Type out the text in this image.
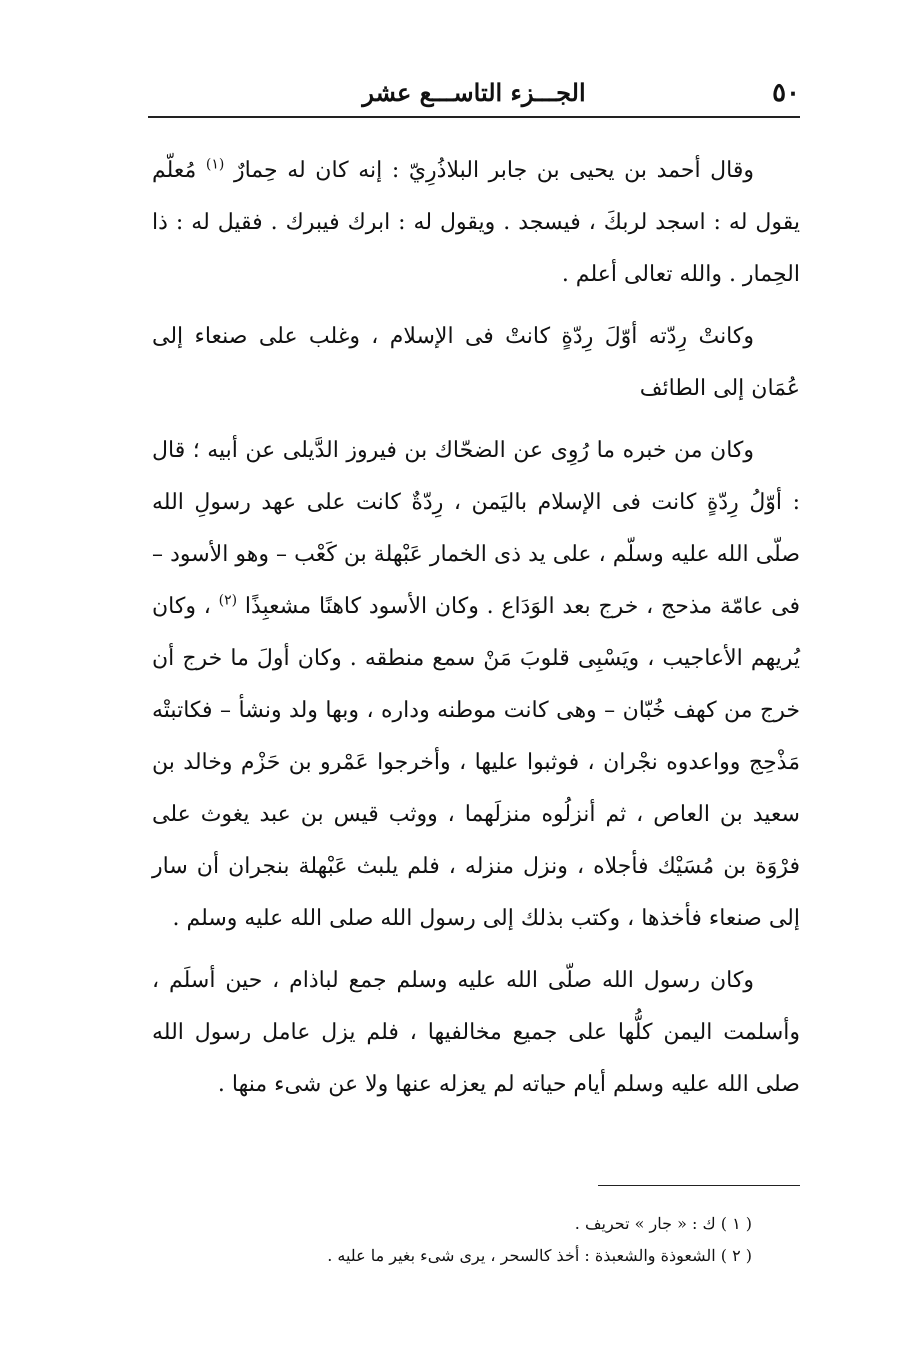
٥٠
الجـــزء التاســـع عشر

وقال أحمد بن يحيى بن جابر البلاذُرِيّ : إنه كان له حِمارٌ $^{(١)}$ مُعلّم يقول له : اسجد لربكَ ، فيسجد . ويقول له : ابرك فيبرك . فقيل له : ذا الحِمار . والله تعالى أعلم .

وكانتْ رِدّته أوّلَ رِدّةٍ كانتْ فى الإسلام ، وغلب على صنعاء إلى عُمَان إلى الطائف

وكان من خبره ما رُوِى عن الضحّاك بن فيروز الدَّيلى عن أبيه ؛ قال : أوّلُ رِدّةٍ كانت فى الإسلام باليَمن ، رِدّةٌ كانت على عهد رسولِ الله صلّى الله عليه وسلّم ، على يد ذى الخمار عَبْهلة بن كَعْب – وهو الأسود – فى عامّة مذحج ، خرج بعد الوَدَاع . وكان الأسود كاهنًا مشعبِذًا $^{(٢)}$ ، وكان يُريهم الأعاجيب ، ويَسْبِى قلوبَ مَنْ سمع منطقه . وكان أولَ ما خرج أن خرج من كهف خُبّان – وهى كانت موطنه وداره ، وبها ولد ونشأ – فكاتبتْه مَذْحِج وواعدوه نجْران ، فوثبوا عليها ، وأخرجوا عَمْرو بن حَزْم وخالد بن سعيد بن العاص ، ثم أنزلُوه منزلَهما ، ووثب قيس بن عبد يغوث على فرْوَة بن مُسَيْك فأجلاه ، ونزل منزله ، فلم يلبث عَبْهلة بنجران أن سار إلى صنعاء فأخذها ، وكتب بذلك إلى رسول الله صلى الله عليه وسلم .

وكان رسول الله صلّى الله عليه وسلم جمع لباذام ، حين أسلَم ، وأسلمت اليمن كلُّها على جميع مخالفيها ، فلم يزل عامل رسول الله صلى الله عليه وسلم أيام حياته لم يعزله عنها ولا عن شىء منها .

( ١ ) ك : « جار » تحريف .
( ٢ ) الشعوذة والشعبذة : أخذ كالسحر ، يرى شىء بغير ما عليه .
